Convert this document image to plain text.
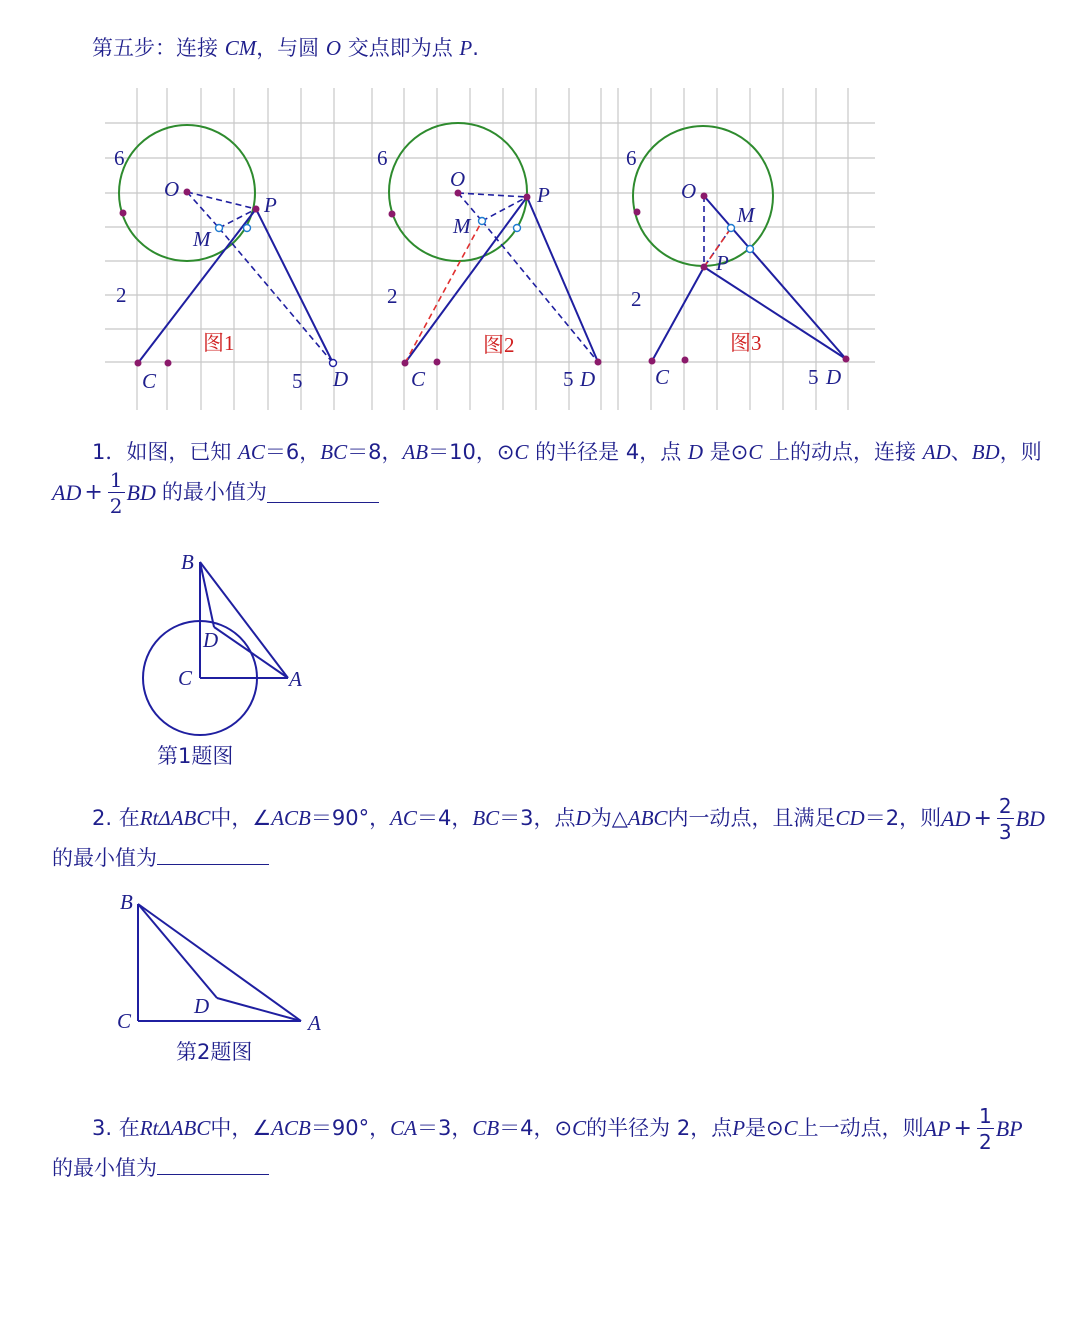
第五步：连接 CM，与圆 O 交点即为点 P.
6
2
5
O
P
M
C	D
图1
6
2
5
O
P
M
C	D
图2
6
2
5
O
M
P
C	D
图3
1．如图，已知 AC＝6，BC＝8，AB＝10，⊙C 的半径是 4，点 D 是⊙C 上的动点，连接 AD、BD，则
AD + $\frac{1}{2}$ BD 的最小值为
B
D
C	A
第1题图
2. 在 RtΔABC 中，∠ ACB ＝90°， AC ＝4， BC ＝3，点 D 为△ ABC 内一动点，且满足 CD ＝2，则 AD + $\frac{2}{3}$ BD
的最小值为
B
D
C	A
第2题图
3. 在 RtΔABC 中，∠ ACB ＝90°， CA ＝3， CB ＝4，⊙ C 的半径为 2，点 P 是⊙ C 上一动点，则 AP + $\frac{1}{2}$ BP
的最小值为
